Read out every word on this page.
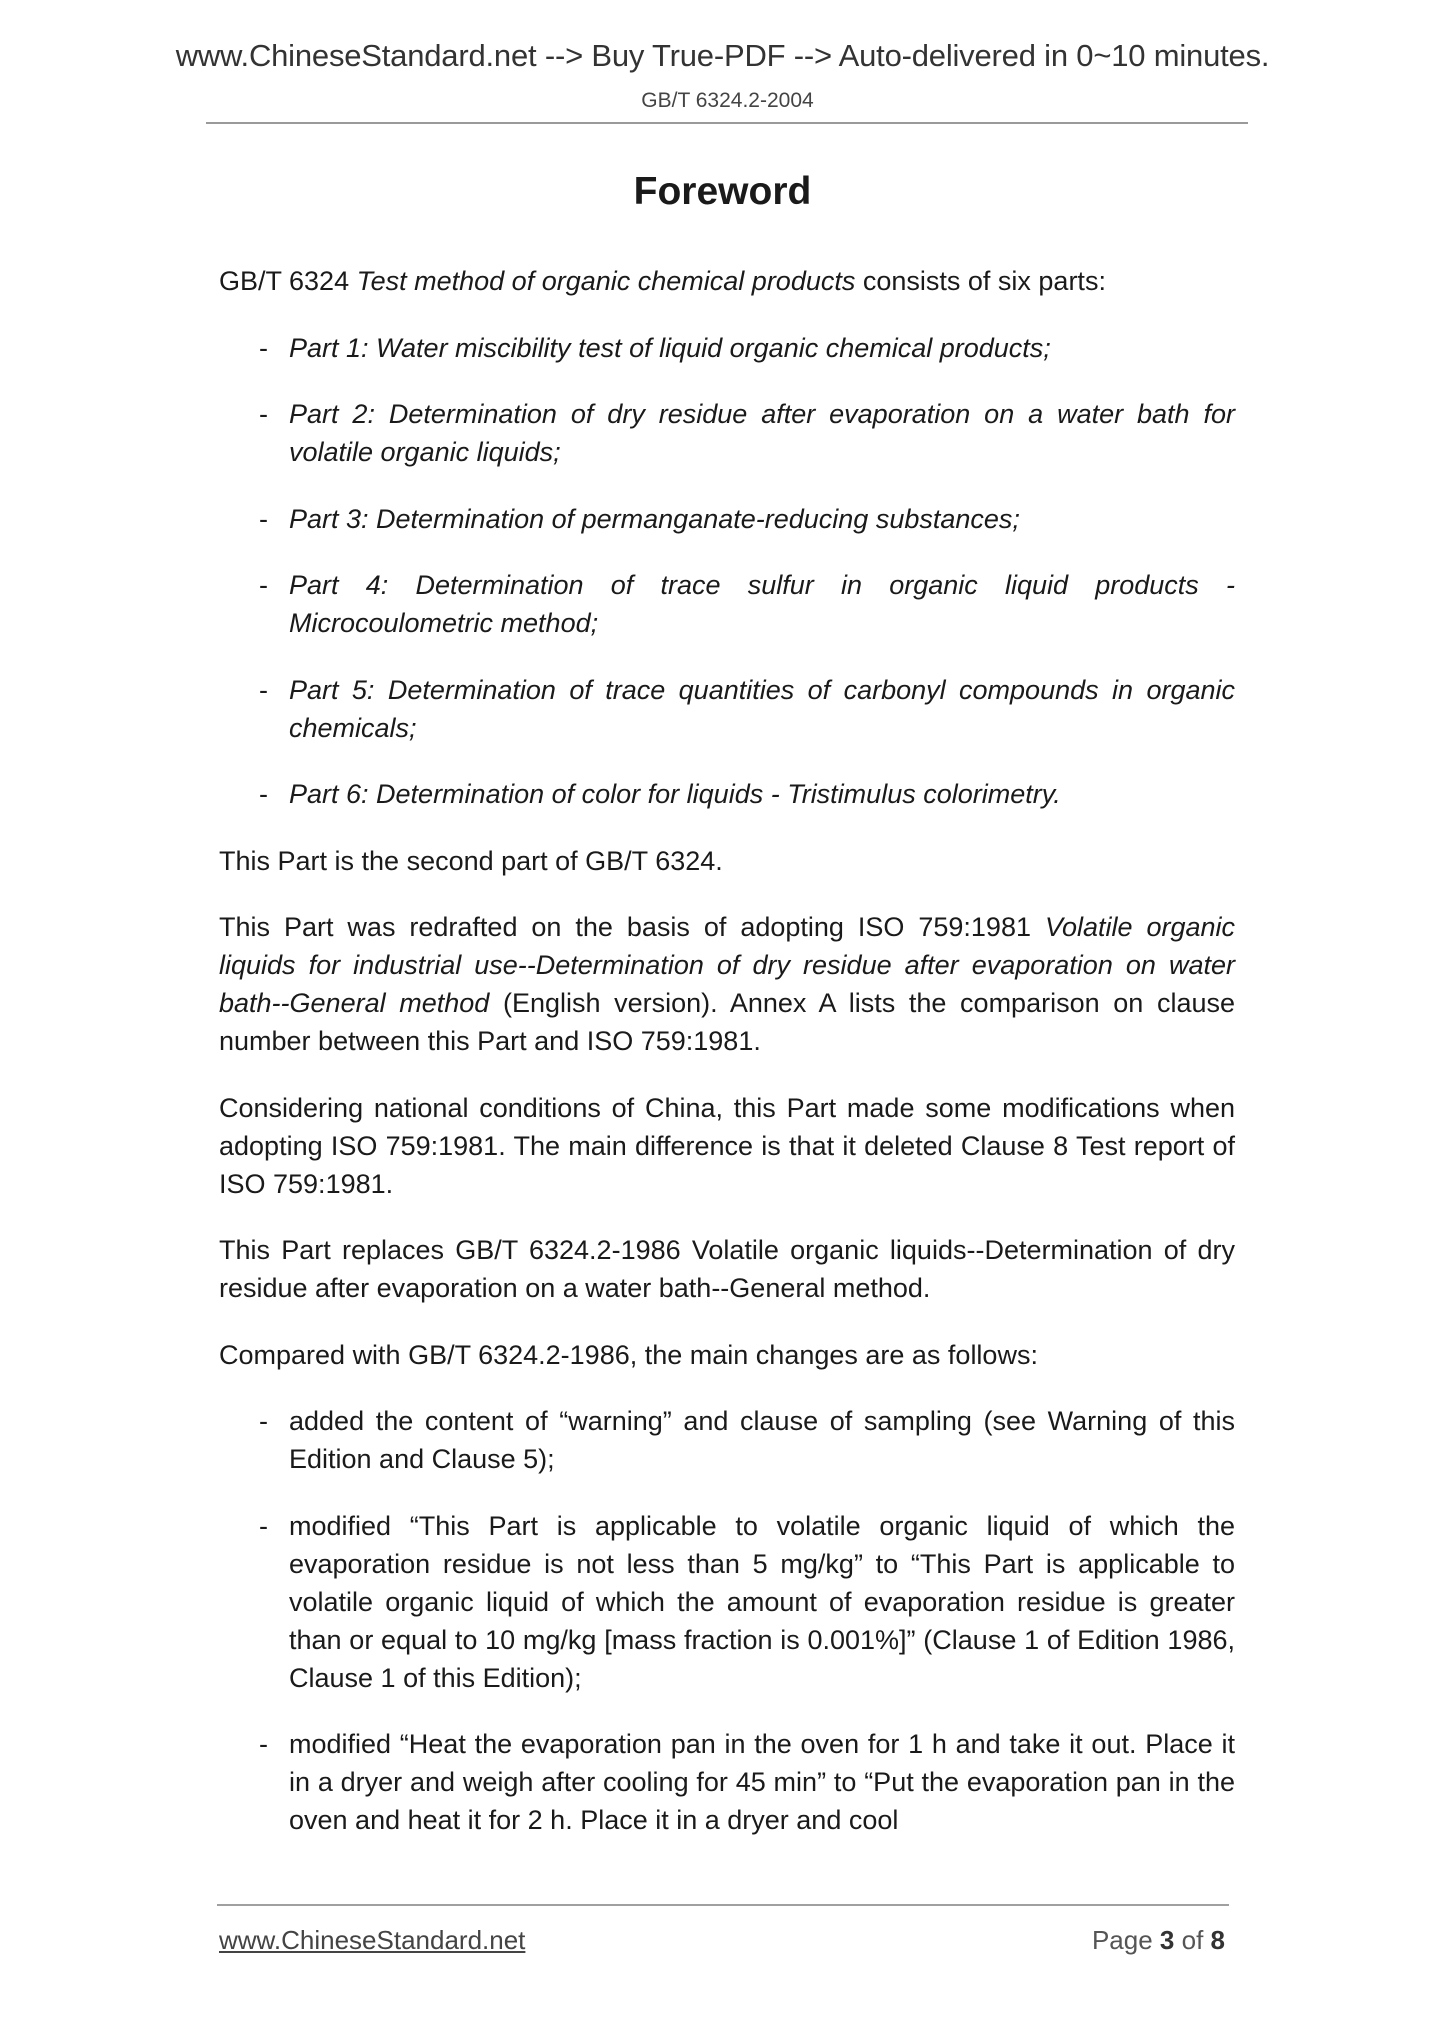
www.ChineseStandard.net --> Buy True-PDF --> Auto-delivered in 0~10 minutes.
GB/T 6324.2-2004
Foreword

GB/T 6324 Test method of organic chemical products consists of six parts:

- Part 1: Water miscibility test of liquid organic chemical products;
- Part 2: Determination of dry residue after evaporation on a water bath for volatile organic liquids;
- Part 3: Determination of permanganate-reducing substances;
- Part 4: Determination of trace sulfur in organic liquid products - Microcoulometric method;
- Part 5: Determination of trace quantities of carbonyl compounds in organic chemicals;
- Part 6: Determination of color for liquids - Tristimulus colorimetry.

This Part is the second part of GB/T 6324.

This Part was redrafted on the basis of adopting ISO 759:1981 Volatile organic liquids for industrial use--Determination of dry residue after evaporation on water bath--General method (English version). Annex A lists the comparison on clause number between this Part and ISO 759:1981.

Considering national conditions of China, this Part made some modifications when adopting ISO 759:1981. The main difference is that it deleted Clause 8 Test report of ISO 759:1981.

This Part replaces GB/T 6324.2-1986 Volatile organic liquids--Determination of dry residue after evaporation on a water bath--General method.

Compared with GB/T 6324.2-1986, the main changes are as follows:

- added the content of “warning” and clause of sampling (see Warning of this Edition and Clause 5);
- modified “This Part is applicable to volatile organic liquid of which the evaporation residue is not less than 5 mg/kg” to “This Part is applicable to volatile organic liquid of which the amount of evaporation residue is greater than or equal to 10 mg/kg [mass fraction is 0.001%]” (Clause 1 of Edition 1986, Clause 1 of this Edition);
- modified “Heat the evaporation pan in the oven for 1 h and take it out. Place it in a dryer and weigh after cooling for 45 min” to “Put the evaporation pan in the oven and heat it for 2 h. Place it in a dryer and cool
www.ChineseStandard.net	Page 3 of 8
